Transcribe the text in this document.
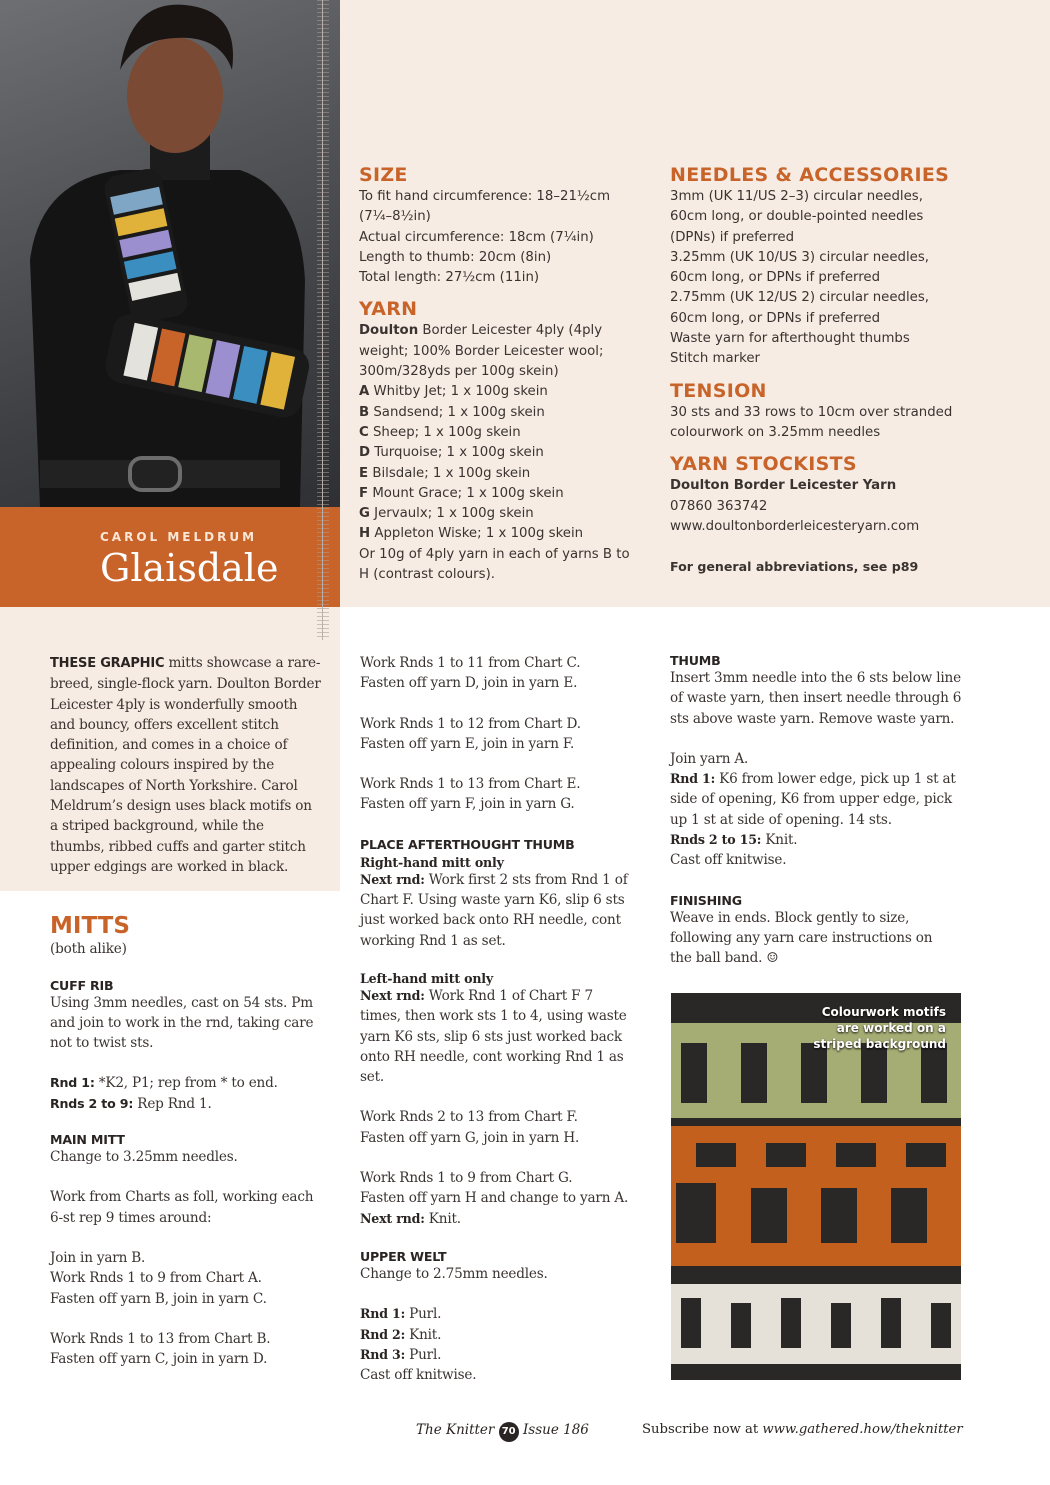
CAROL MELDRUM
Glaisdale
SIZE
To fit hand circumference: 18–21½cm
(7¼–8½in)
Actual circumference: 18cm (7¼in)
Length to thumb: 20cm (8in)
Total length: 27½cm (11in)
YARN
Doulton Border Leicester 4ply (4ply weight; 100% Border Leicester wool; 300m/328yds per 100g skein)
A Whitby Jet; 1 x 100g skein
B Sandsend; 1 x 100g skein
C Sheep; 1 x 100g skein
D Turquoise; 1 x 100g skein
E Bilsdale; 1 x 100g skein
F Mount Grace; 1 x 100g skein
G Jervaulx; 1 x 100g skein
H Appleton Wiske; 1 x 100g skein
Or 10g of 4ply yarn in each of yarns B to H (contrast colours).
NEEDLES & ACCESSORIES
3mm (UK 11/US 2–3) circular needles,
60cm long, or double-pointed needles
(DPNs) if preferred
3.25mm (UK 10/US 3) circular needles,
60cm long, or DPNs if preferred
2.75mm (UK 12/US 2) circular needles,
60cm long, or DPNs if preferred
Waste yarn for afterthought thumbs
Stitch marker
TENSION
30 sts and 33 rows to 10cm over stranded
colourwork on 3.25mm needles
YARN STOCKISTS
Doulton Border Leicester Yarn
07860 363742
www.doultonborderleicesteryarn.com
For general abbreviations, see p89
THESE GRAPHIC mitts showcase a rare-breed, single-flock yarn. Doulton Border Leicester 4ply is wonderfully smooth and bouncy, offers excellent stitch definition, and comes in a choice of appealing colours inspired by the landscapes of North Yorkshire. Carol Meldrum’s design uses black motifs on a striped background, while the thumbs, ribbed cuffs and garter stitch upper edgings are worked in black.
MITTS
(both alike)
CUFF RIB
Using 3mm needles, cast on 54 sts. Pm and join to work in the rnd, taking care not to twist sts.
Rnd 1: *K2, P1; rep from * to end.
Rnds 2 to 9: Rep Rnd 1.
MAIN MITT
Change to 3.25mm needles.
Work from Charts as foll, working each 6‑st rep 9 times around:
Join in yarn B.
Work Rnds 1 to 9 from Chart A.
Fasten off yarn B, join in yarn C.
Work Rnds 1 to 13 from Chart B.
Fasten off yarn C, join in yarn D.
Work Rnds 1 to 11 from Chart C.
Fasten off yarn D, join in yarn E.
Work Rnds 1 to 12 from Chart D.
Fasten off yarn E, join in yarn F.
Work Rnds 1 to 13 from Chart E.
Fasten off yarn F, join in yarn G.
PLACE AFTERTHOUGHT THUMB
Right-hand mitt only
Next rnd: Work first 2 sts from Rnd 1 of Chart F. Using waste yarn K6, slip 6 sts just worked back onto RH needle, cont working Rnd 1 as set.
Left-hand mitt only
Next rnd: Work Rnd 1 of Chart F 7 times, then work sts 1 to 4, using waste yarn K6 sts, slip 6 sts just worked back onto RH needle, cont working Rnd 1 as set.
Work Rnds 2 to 13 from Chart F.
Fasten off yarn G, join in yarn H.
Work Rnds 1 to 9 from Chart G.
Fasten off yarn H and change to yarn A.
Next rnd: Knit.
UPPER WELT
Change to 2.75mm needles.
Rnd 1: Purl.
Rnd 2: Knit.
Rnd 3: Purl.
Cast off knitwise.
THUMB
Insert 3mm needle into the 6 sts below line of waste yarn, then insert needle through 6 sts above waste yarn. Remove waste yarn.
Join yarn A.
Rnd 1: K6 from lower edge, pick up 1 st at side of opening, K6 from upper edge, pick up 1 st at side of opening. 14 sts.
Rnds 2 to 15: Knit.
Cast off knitwise.
FINISHING
Weave in ends. Block gently to size, following any yarn care instructions on the ball band. ☺
Colourwork motifs are worked on a striped background
The Knitter 70 Issue 186	Subscribe now at www.gathered.how/theknitter
